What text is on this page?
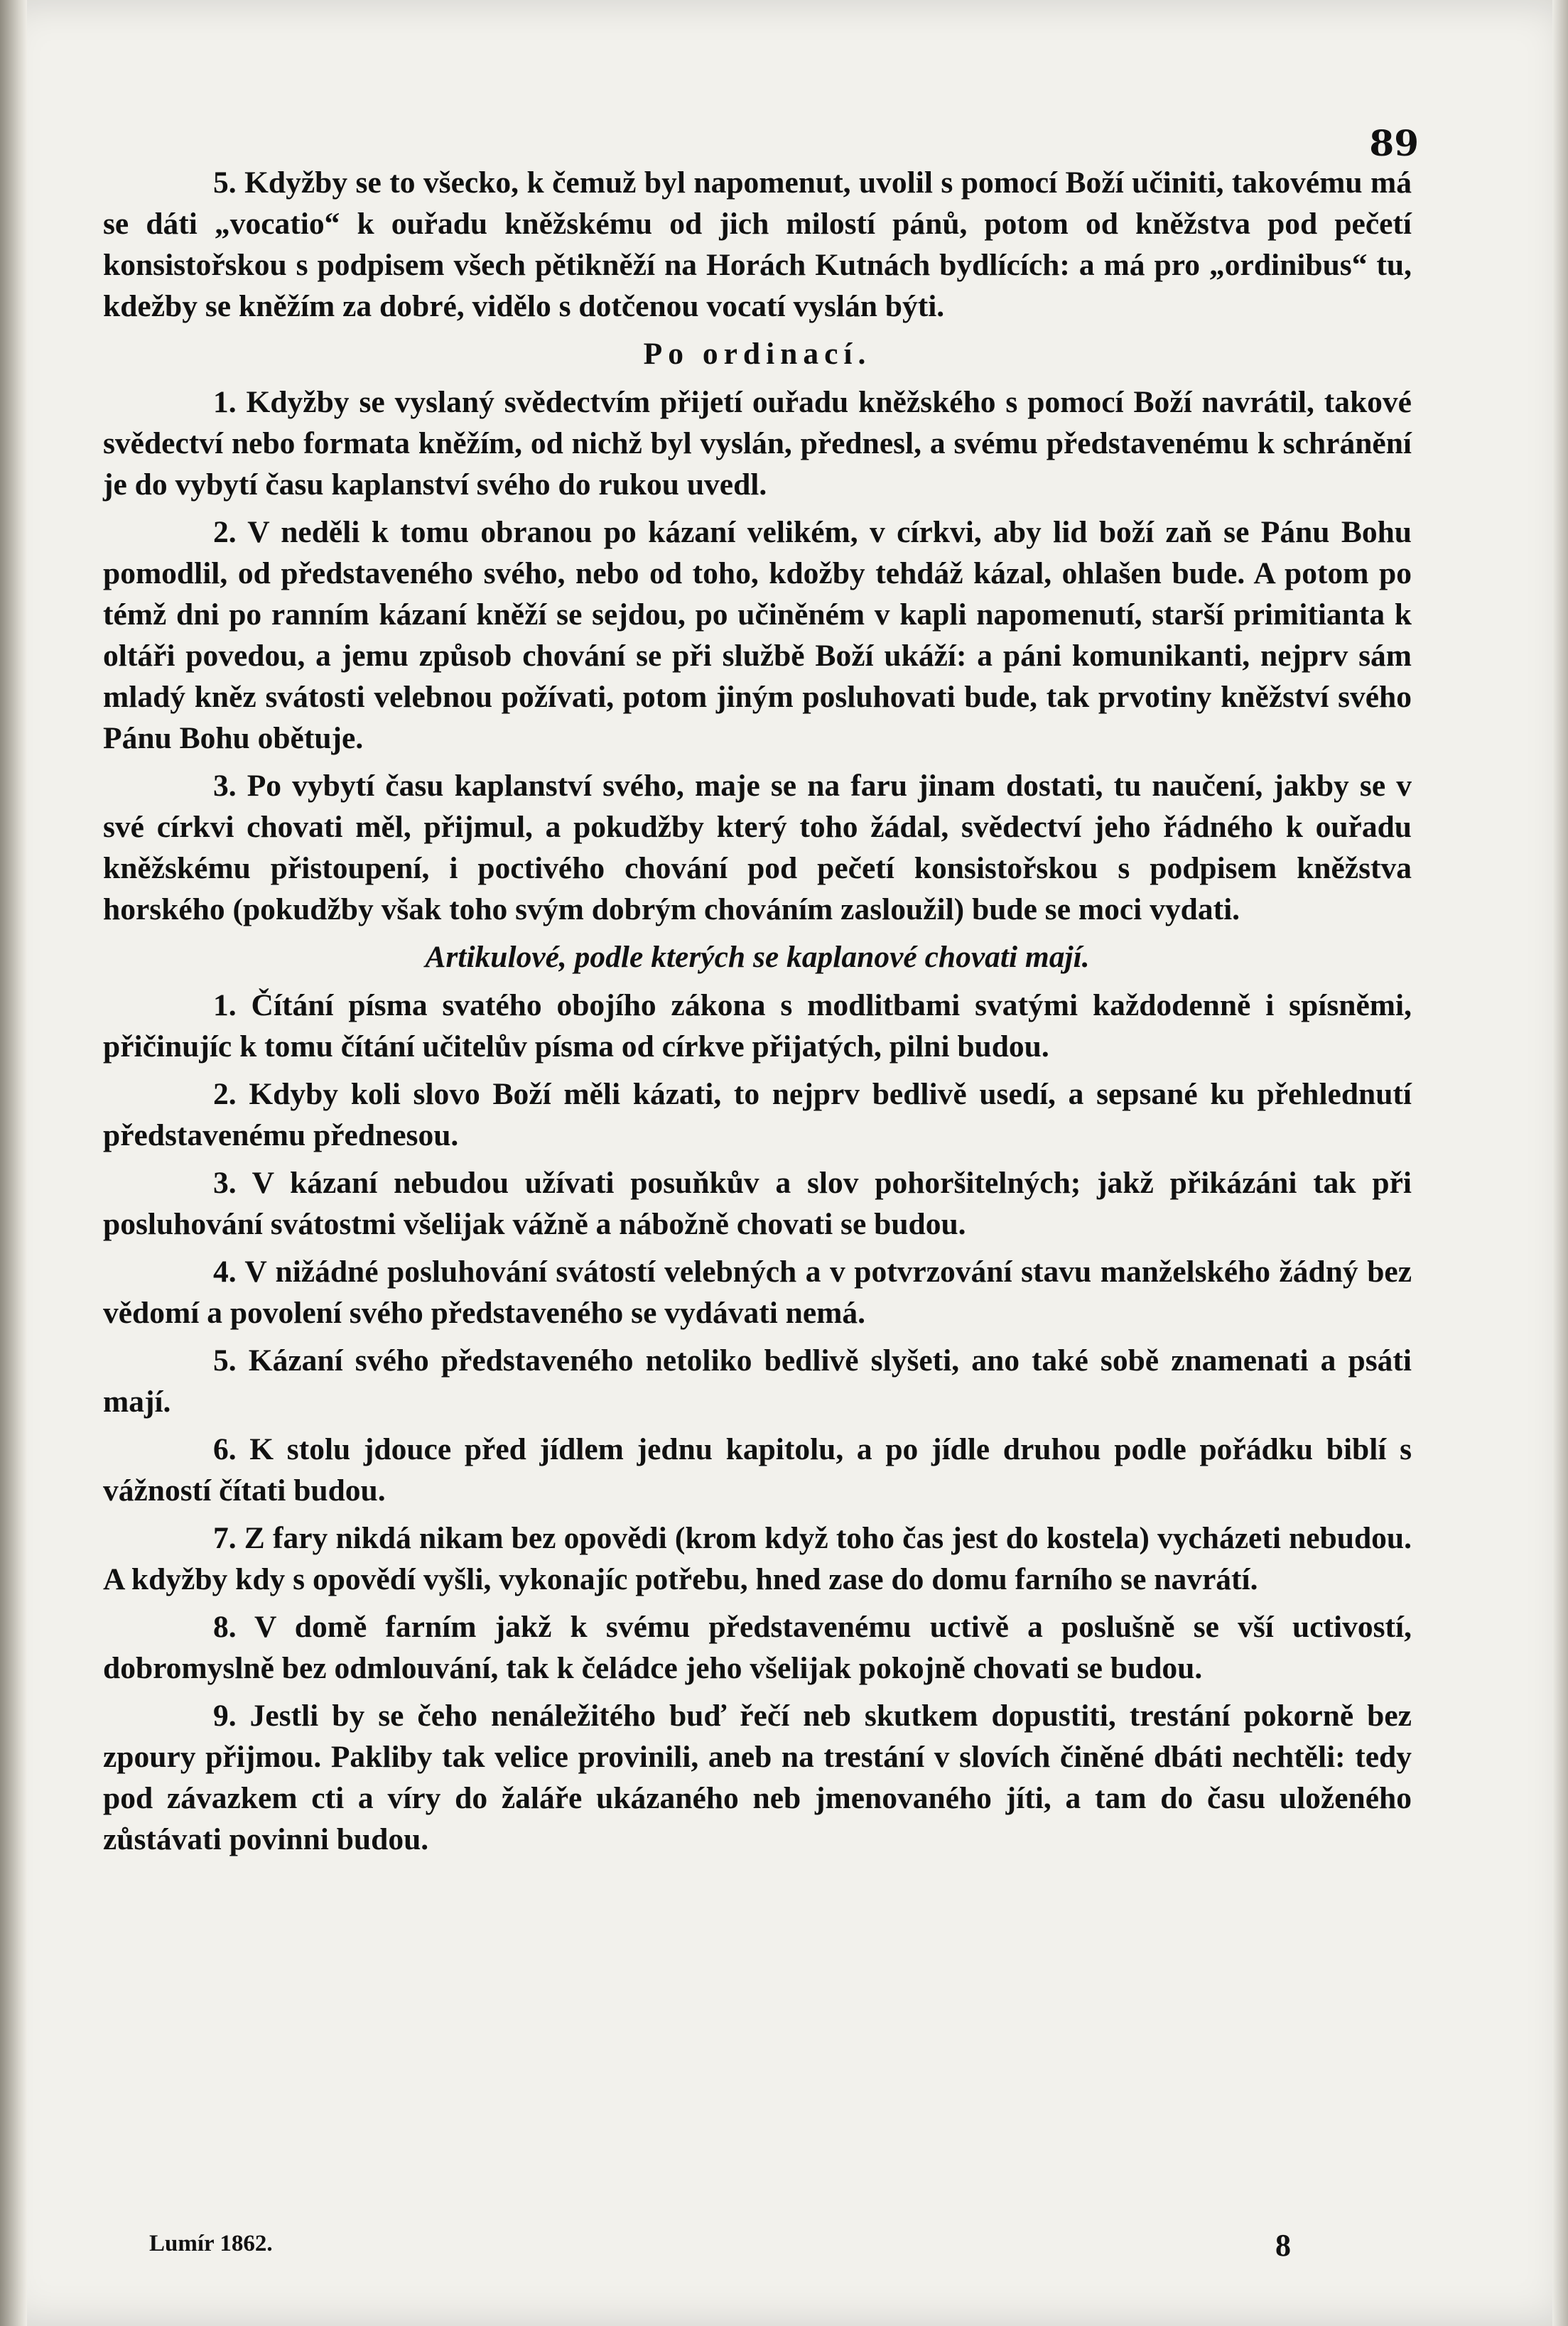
89

5. Kdyžby se to všecko, k čemuž byl napomenut, uvolil s pomocí Boží učiniti, takovému má se dáti „vocatio“ k ouřadu kněžskému od jich milostí pánů, potom od kněžstva pod pečetí konsistořskou s podpisem všech pětikněží na Horách Kutnách bydlících: a má pro „ordinibus“ tu, kdežby se kněžím za dobré, vidělo s dotčenou vocatí vyslán býti.

Po ordinací.

1. Kdyžby se vyslaný svědectvím přijetí ouřadu kněžského s pomocí Boží navrátil, takové svědectví nebo formata kněžím, od nichž byl vyslán, přednesl, a svému představenému k schránění je do vybytí času kaplanství svého do rukou uvedl.

2. V neděli k tomu obranou po kázaní velikém, v církvi, aby lid boží zaň se Pánu Bohu pomodlil, od představeného svého, nebo od toho, kdožby tehdáž kázal, ohlašen bude. A potom po témž dni po ranním kázaní kněží se sejdou, po učiněném v kapli napomenutí, starší primitianta k oltáři povedou, a jemu způsob chování se při službě Boží ukáží: a páni komunikanti, nejprv sám mladý kněz svátosti velebnou požívati, potom jiným posluhovati bude, tak prvotiny kněžství svého Pánu Bohu obětuje.

3. Po vybytí času kaplanství svého, maje se na faru jinam dostati, tu naučení, jakby se v své církvi chovati měl, přijmul, a pokudžby který toho žádal, svědectví jeho řádného k ouřadu kněžskému přistoupení, i poctivého chování pod pečetí konsistořskou s podpisem kněžstva horského (pokudžby však toho svým dobrým chováním zasloužil) bude se moci vydati.

Artikulové, podle kterých se kaplanové chovati mají.

1. Čítání písma svatého obojího zákona s modlitbami svatými každodenně i spísněmi, přičinujíc k tomu čítání učitelův písma od církve přijatých, pilni budou.

2. Kdyby koli slovo Boží měli kázati, to nejprv bedlivě usedí, a sepsané ku přehlednutí představenému přednesou.

3. V kázaní nebudou užívati posuňkův a slov pohoršitelných; jakž přikázáni tak při posluhování svátostmi všelijak vážně a nábožně chovati se budou.

4. V nižádné posluhování svátostí velebných a v potvrzování stavu manželského žádný bez vědomí a povolení svého představeného se vydávati nemá.

5. Kázaní svého představeného netoliko bedlivě slyšeti, ano také sobě znamenati a psáti mají.

6. K stolu jdouce před jídlem jednu kapitolu, a po jídle druhou podle pořádku biblí s vážností čítati budou.

7. Z fary nikdá nikam bez opovědi (krom když toho čas jest do kostela) vycházeti nebudou. A kdyžby kdy s opovědí vyšli, vykonajíc potřebu, hned zase do domu farního se navrátí.

8. V domě farním jakž k svému představenému uctivě a poslušně se vší uctivostí, dobromyslně bez odmlouvání, tak k čeládce jeho všelijak pokojně chovati se budou.

9. Jestli by se čeho nenáležitého buď řečí neb skutkem dopustiti, trestání pokorně bez zpoury přijmou. Pakliby tak velice provinili, aneb na trestání v slovích činěné dbáti nechtěli: tedy pod závazkem cti a víry do žaláře ukázaného neb jmenovaného jíti, a tam do času uloženého zůstávati povinni budou.

Lumír 1862.	8
